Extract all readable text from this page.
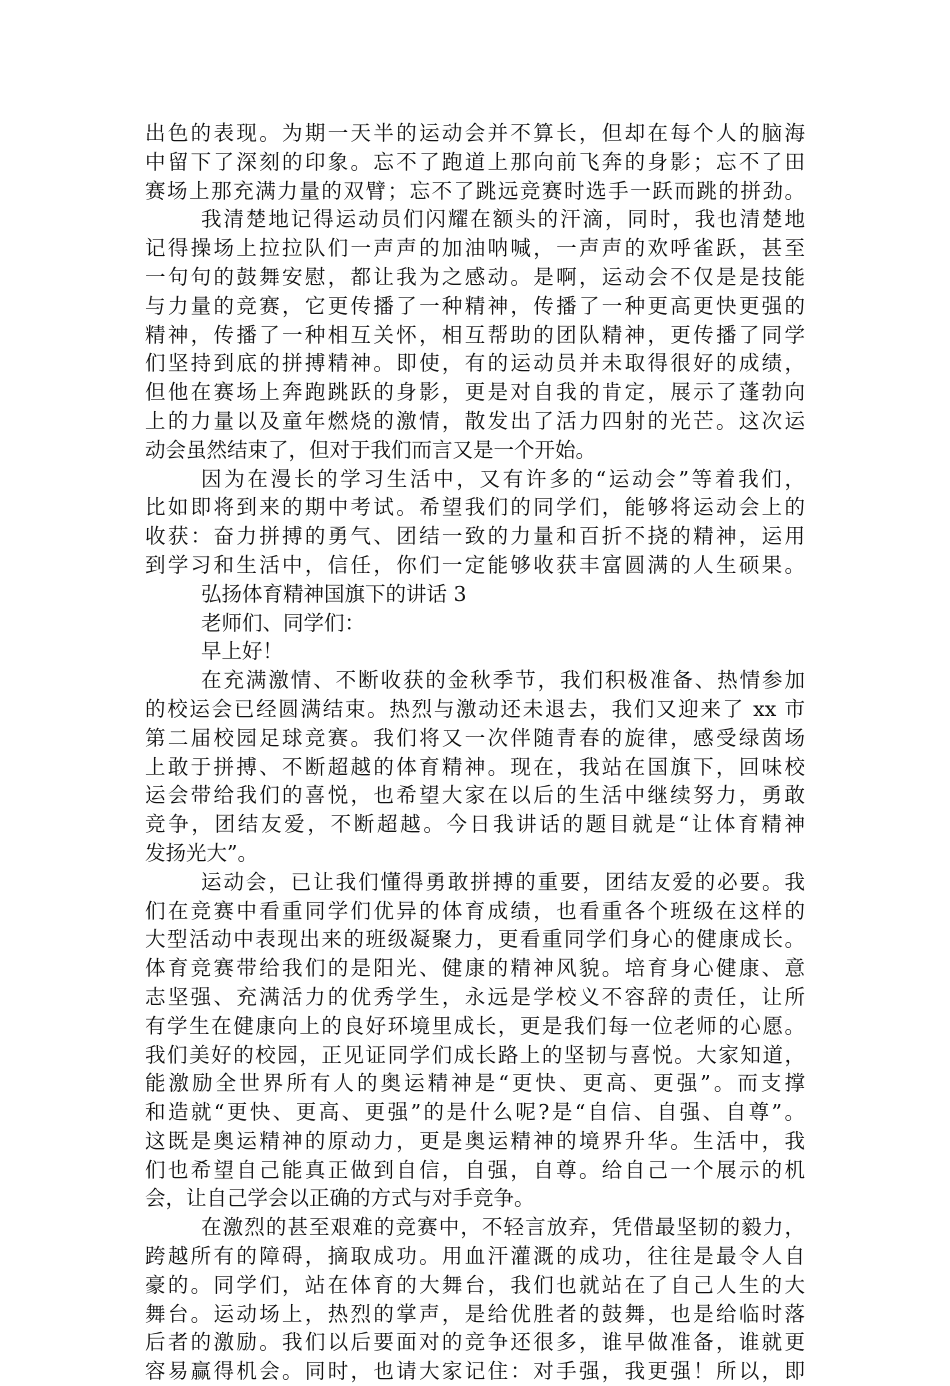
出色的表现。为期一天半的运动会并不算长，但却在每个人的脑海
中留下了深刻的印象。忘不了跑道上那向前飞奔的身影；忘不了田
赛场上那充满力量的双臂；忘不了跳远竞赛时选手一跃而跳的拼劲。
我清楚地记得运动员们闪耀在额头的汗滴，同时，我也清楚地
记得操场上拉拉队们一声声的加油呐喊，一声声的欢呼雀跃，甚至
一句句的鼓舞安慰，都让我为之感动。是啊，运动会不仅是是技能
与力量的竞赛，它更传播了一种精神，传播了一种更高更快更强的
精神，传播了一种相互关怀，相互帮助的团队精神，更传播了同学
们坚持到底的拼搏精神。即使，有的运动员并未取得很好的成绩，
但他在赛场上奔跑跳跃的身影，更是对自我的肯定，展示了蓬勃向
上的力量以及童年燃烧的激情，散发出了活力四射的光芒。这次运
动会虽然结束了，但对于我们而言又是一个开始。
因为在漫长的学习生活中，又有许多的“运动会”等着我们，
比如即将到来的期中考试。希望我们的同学们，能够将运动会上的
收获：奋力拼搏的勇气、团结一致的力量和百折不挠的精神，运用
到学习和生活中，信任，你们一定能够收获丰富圆满的人生硕果。
弘扬体育精神国旗下的讲话 3
老师们、同学们：
早上好！
在充满激情、不断收获的金秋季节，我们积极准备、热情参加
的校运会已经圆满结束。热烈与激动还未退去，我们又迎来了 xx 市
第二届校园足球竞赛。我们将又一次伴随青春的旋律，感受绿茵场
上敢于拼搏、不断超越的体育精神。现在，我站在国旗下，回味校
运会带给我们的喜悦，也希望大家在以后的生活中继续努力，勇敢
竞争，团结友爱，不断超越。今日我讲话的题目就是“让体育精神
发扬光大”。
运动会，已让我们懂得勇敢拼搏的重要，团结友爱的必要。我
们在竞赛中看重同学们优异的体育成绩，也看重各个班级在这样的
大型活动中表现出来的班级凝聚力，更看重同学们身心的健康成长。
体育竞赛带给我们的是阳光、健康的精神风貌。培育身心健康、意
志坚强、充满活力的优秀学生，永远是学校义不容辞的责任，让所
有学生在健康向上的良好环境里成长，更是我们每一位老师的心愿。
我们美好的校园，正见证同学们成长路上的坚韧与喜悦。大家知道，
能激励全世界所有人的奥运精神是“更快、更高、更强”。而支撑
和造就“更快、更高、更强”的是什么呢?是“自信、自强、自尊”。
这既是奥运精神的原动力，更是奥运精神的境界升华。生活中，我
们也希望自己能真正做到自信，自强，自尊。给自己一个展示的机
会，让自己学会以正确的方式与对手竞争。
在激烈的甚至艰难的竞赛中，不轻言放弃，凭借最坚韧的毅力，
跨越所有的障碍，摘取成功。用血汗灌溉的成功，往往是最令人自
豪的。同学们，站在体育的大舞台，我们也就站在了自己人生的大
舞台。运动场上，热烈的掌声，是给优胜者的鼓舞，也是给临时落
后者的激励。我们以后要面对的竞争还很多，谁早做准备，谁就更
容易赢得机会。同时，也请大家记住：对手强，我更强！所以，即
